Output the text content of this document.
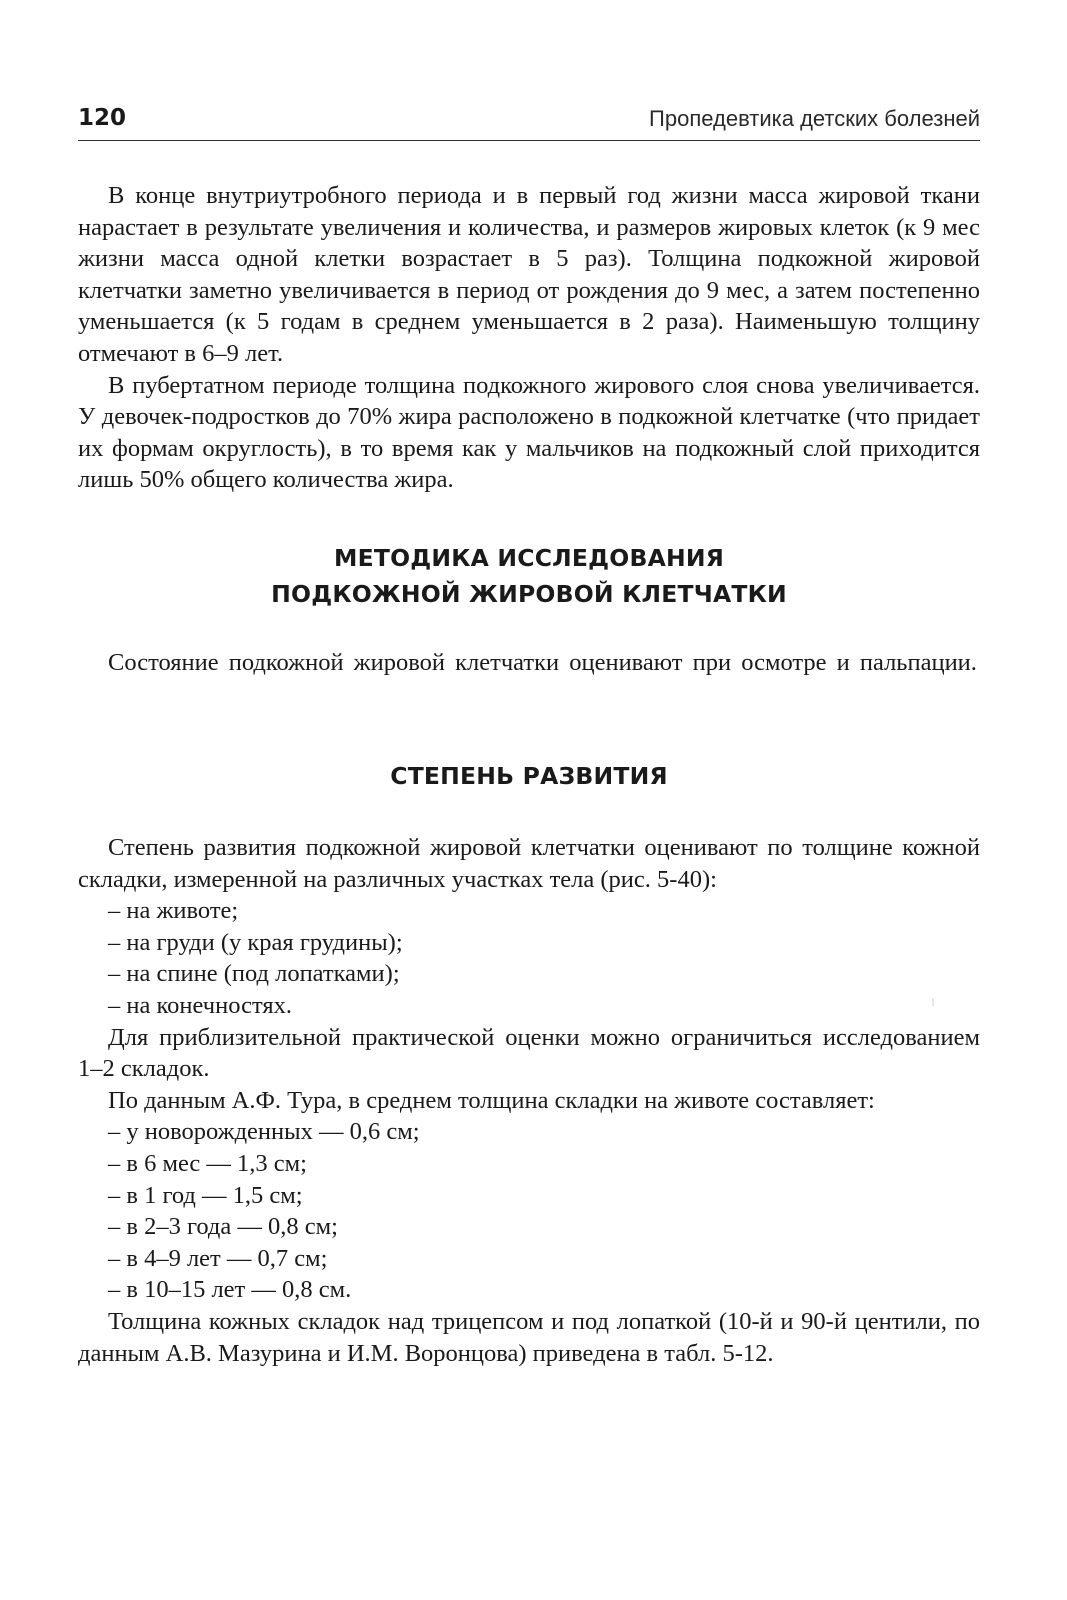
120	Пропедевтика детских болезней

В конце внутриутробного периода и в первый год жизни масса жировой ткани нарастает в результате увеличения и количества, и размеров жировых клеток (к 9 мес жизни масса одной клетки возрастает в 5 раз). Толщина подкожной жировой клетчатки заметно увеличивается в период от рождения до 9 мес, а затем постепенно уменьшается (к 5 годам в среднем уменьшается в 2 раза). Наименьшую толщину отмечают в 6–9 лет.

В пубертатном периоде толщина подкожного жирового слоя снова увеличивается. У девочек-подростков до 70% жира расположено в подкожной клетчатке (что придает их формам округлость), в то время как у мальчиков на подкожный слой приходится лишь 50% общего количества жира.

МЕТОДИКА ИССЛЕДОВАНИЯ
ПОДКОЖНОЙ ЖИРОВОЙ КЛЕТЧАТКИ

Состояние подкожной жировой клетчатки оценивают при осмотре и пальпации.

СТЕПЕНЬ РАЗВИТИЯ

Степень развития подкожной жировой клетчатки оценивают по толщине кожной складки, измеренной на различных участках тела (рис. 5-40):

– на животе;

– на груди (у края грудины);

– на спине (под лопатками);

– на конечностях.

Для приблизительной практической оценки можно ограничиться исследованием 1–2 складок.

По данным А.Ф. Тура, в среднем толщина складки на животе составляет:

– у новорожденных — 0,6 см;

– в 6 мес — 1,3 см;

– в 1 год — 1,5 см;

– в 2–3 года — 0,8 см;

– в 4–9 лет — 0,7 см;

– в 10–15 лет — 0,8 см.

Толщина кожных складок над трицепсом и под лопаткой (10-й и 90-й центили, по данным А.В. Мазурина и И.М. Воронцова) приведена в табл. 5-12.
